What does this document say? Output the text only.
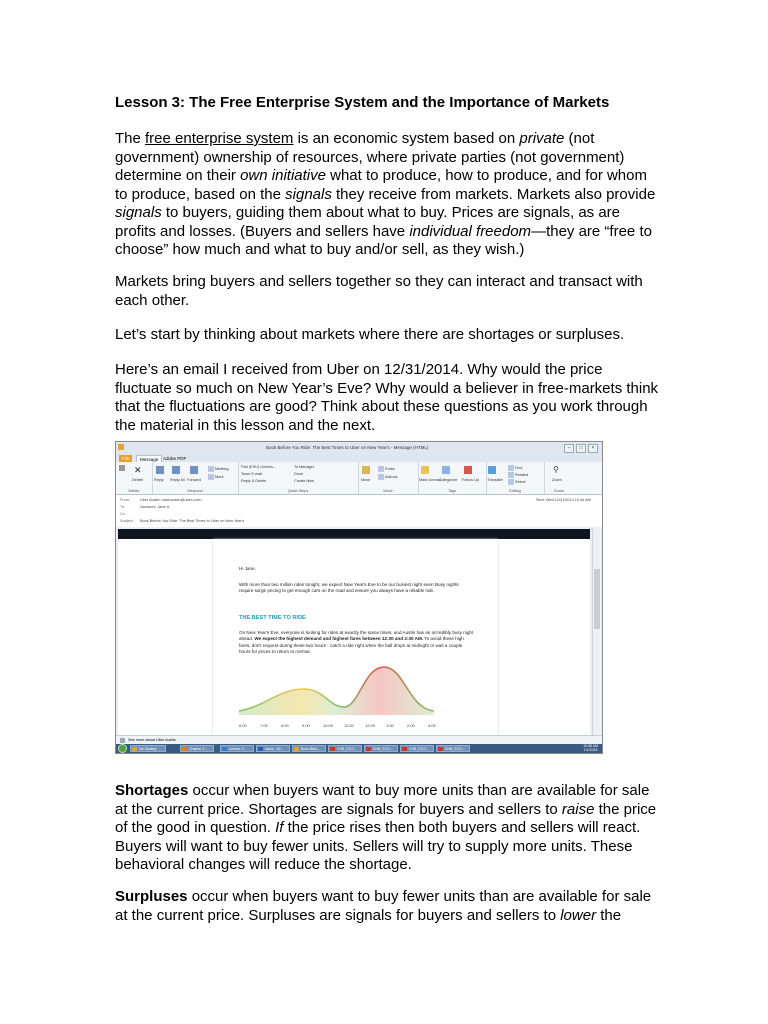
Lesson 3: The Free Enterprise System and the Importance of Markets
The free enterprise system is an economic system based on private (not government) ownership of resources, where private parties (not government) determine on their own initiative what to produce, how to produce, and for whom to produce, based on the signals they receive from markets. Markets also provide signals to buyers, guiding them about what to buy. Prices are signals, as are profits and losses. (Buyers and sellers have individual freedom—they are “free to choose” how much and what to buy and/or sell, as they wish.)
Markets bring buyers and sellers together so they can interact and transact with each other.
Let’s start by thinking about markets where there are shortages or surpluses.
Here’s an email I received from Uber on 12/31/2014. Why would the price fluctuate so much on New Year’s Eve? Why would a believer in free-markets think that the fluctuations are good? Think about these questions as you work through the material in this lesson and the next.
Shortages occur when buyers want to buy more units than are available for sale at the current price. Shortages are signals for buyers and sellers to raise the price of the good in question. If the price rises then both buyers and sellers will react. Buyers will want to buy fewer units. Sellers will try to supply more units. These behavioral changes will reduce the shortage.
Surpluses occur when buyers want to buy fewer units than are available for sale at the current price. Surpluses are signals for buyers and sellers to lower the
Book Before You Ride: The Best Times to Uber on New Year's - Message (HTML)	–	□	×
File	Message	Adobe PDF
✕
Delete
Delete
Reply Reply All Forward
Meeting
More
Respond
Pad (ESU) Univers...
Team E-mail
Reply & Delete
To Manager
Done
Create New
Quick Steps
Move
Rules
Actions
Move
Mark Unread
Categorize Follow Up
Tags
Translate
Find
Related
Select
Editing
⚲
Zoom
Zoom
From:	Uber Austin <uberaustin@uber.com>
To:	Navarrez, Jane A
Cc:
Subject: Book Before You Ride: The Best Times to Uber on New Year's
Sent: Wed 12/31/2014 10:44 AM
Hi Jane,
With more than two million rides tonight, we expect New Year's Eve to be our busiest night ever! Busy nights require surge pricing to get enough cars on the road and ensure you always have a reliable ride.
THE BEST TIME TO RIDE
On New Year's Eve, everyone is looking for rides at exactly the same times, and Austin has an incredibly busy night ahead. We expect the highest demand and highest fares between 12:30 and 2:30 AM. To avoid these high fares, don't request during these two hours - catch a ride right when the ball drops at midnight or wait a couple hours for prices to return to normal.
6:00	7:00	8:00	9:00	10:00	11:00	12:00	1:00	2:00	3:00
See more about Uber Austin.
Ice Skating	Chapter 3 ...	Lecture 3...	Inbox - Mi...	Book Befo...	CHB_ECO...	CHB_ECO...	CHB_ECO...	CHB_ECO...
10:58 AM
1/1/2015
